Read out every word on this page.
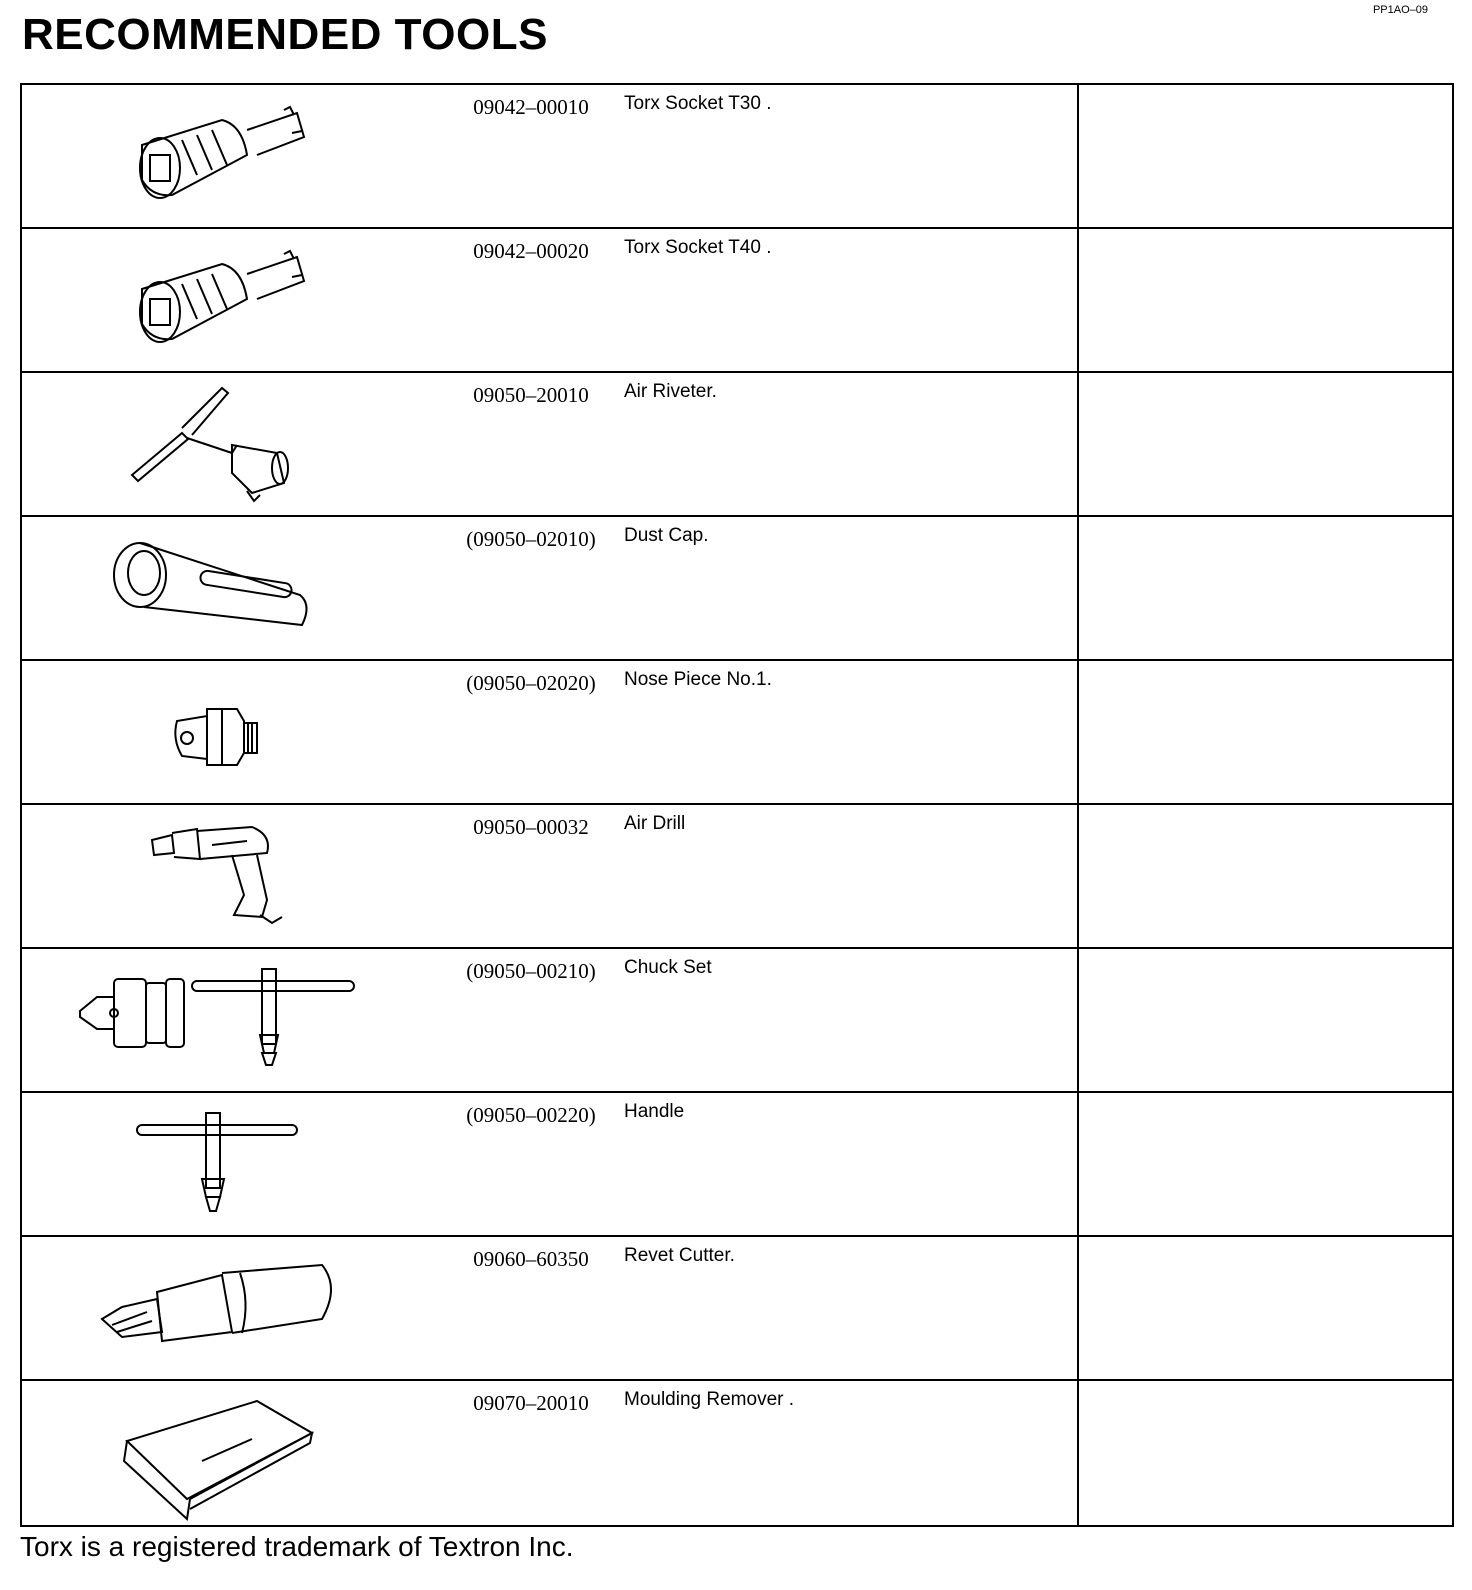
PP1AO–09
RECOMMENDED TOOLS
09042–00010	Torx Socket T30 .
09042–00020	Torx Socket T40 .
09050–20010	Air Riveter.
(09050–02010)	Dust Cap.
(09050–02020)	Nose Piece No.1.
09050–00032	Air Drill
(09050–00210)	Chuck Set
(09050–00220)	Handle
09060–60350	Revet Cutter.
09070–20010	Moulding Remover .
Torx is a registered trademark of Textron Inc.
